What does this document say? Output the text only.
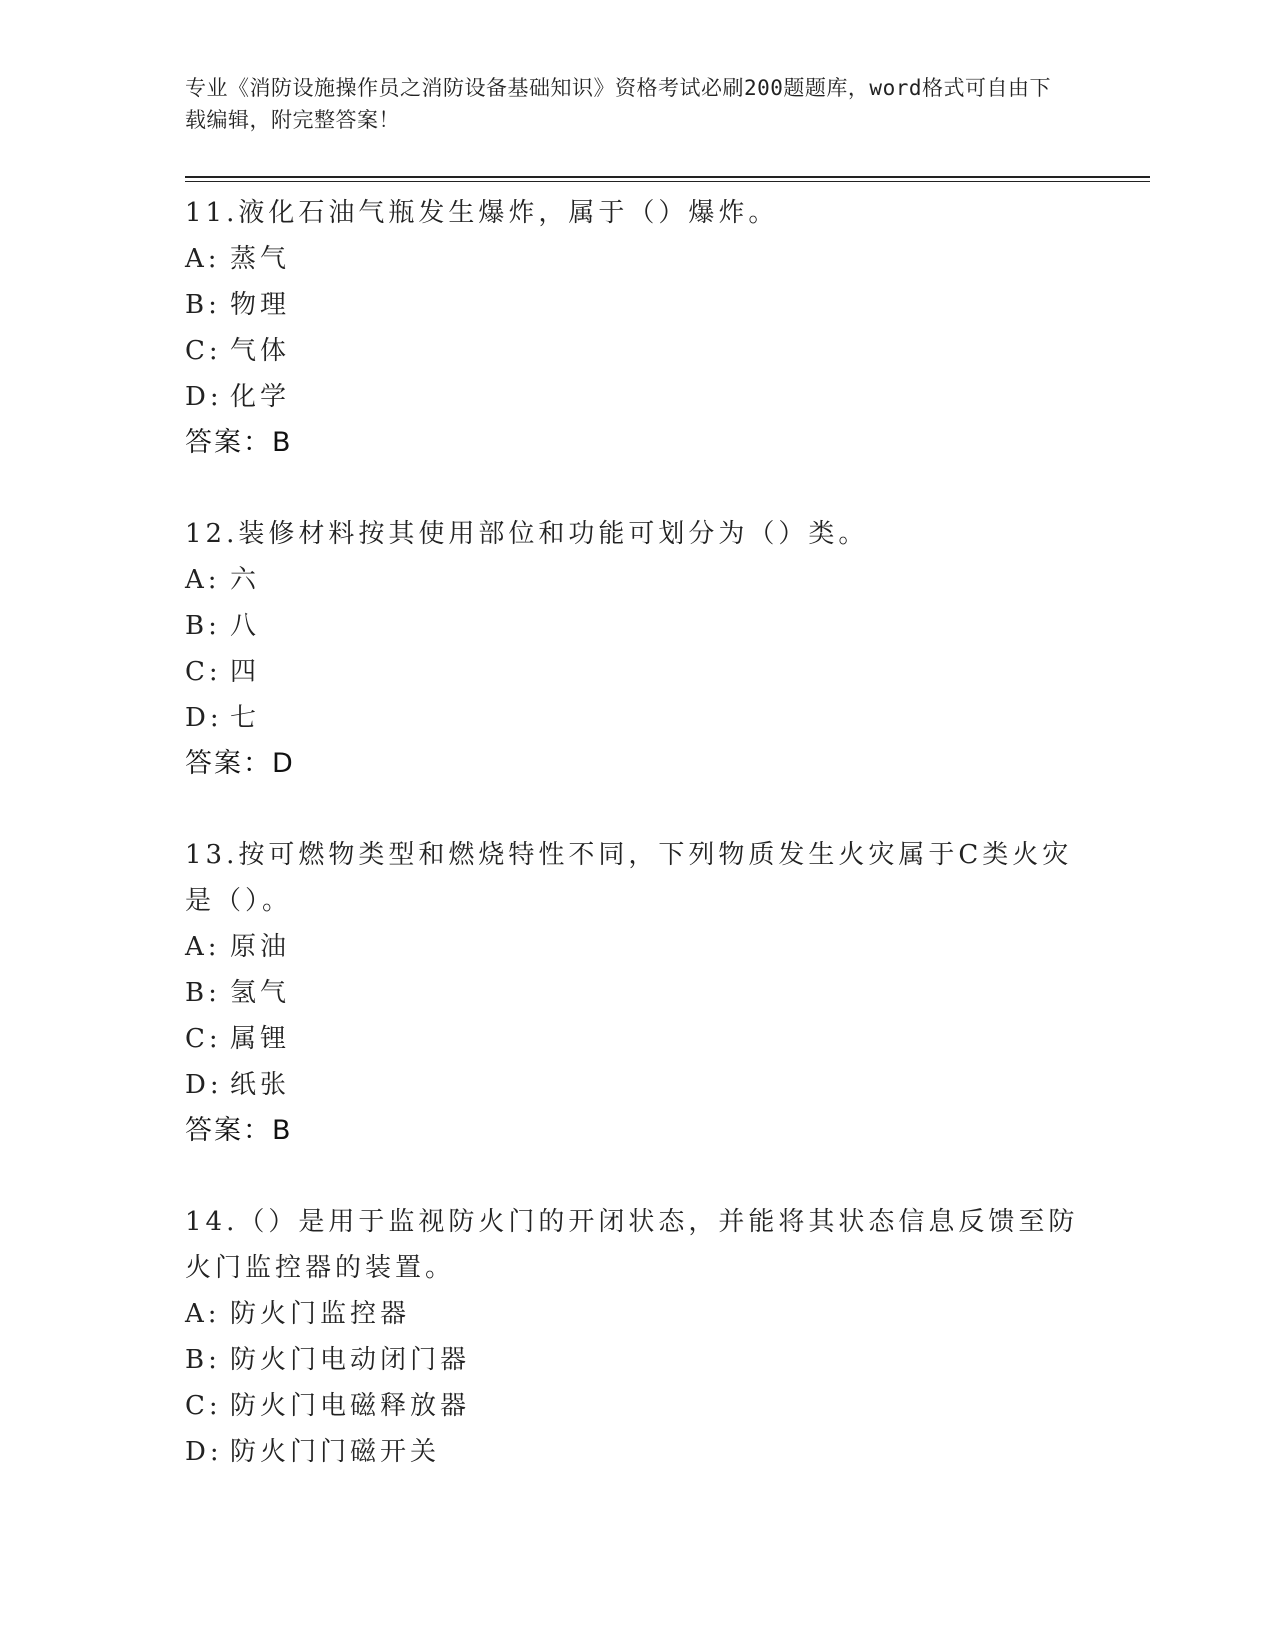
专业《消防设施操作员之消防设备基础知识》资格考试必刷200题题库，word格式可自由下载编辑，附完整答案！

11.液化石油气瓶发生爆炸，属于（）爆炸。

A: 蒸气
B: 物理
C: 气体
D: 化学
答案： B

12.装修材料按其使用部位和功能可划分为（）类。

A: 六
B: 八
C: 四
D: 七
答案： D

13.按可燃物类型和燃烧特性不同，下列物质发生火灾属于C类火灾是（）。

A: 原油
B: 氢气
C: 属锂
D: 纸张
答案： B

14.（）是用于监视防火门的开闭状态，并能将其状态信息反馈至防火门监控器的装置。

A: 防火门监控器
B: 防火门电动闭门器
C: 防火门电磁释放器
D: 防火门门磁开关
